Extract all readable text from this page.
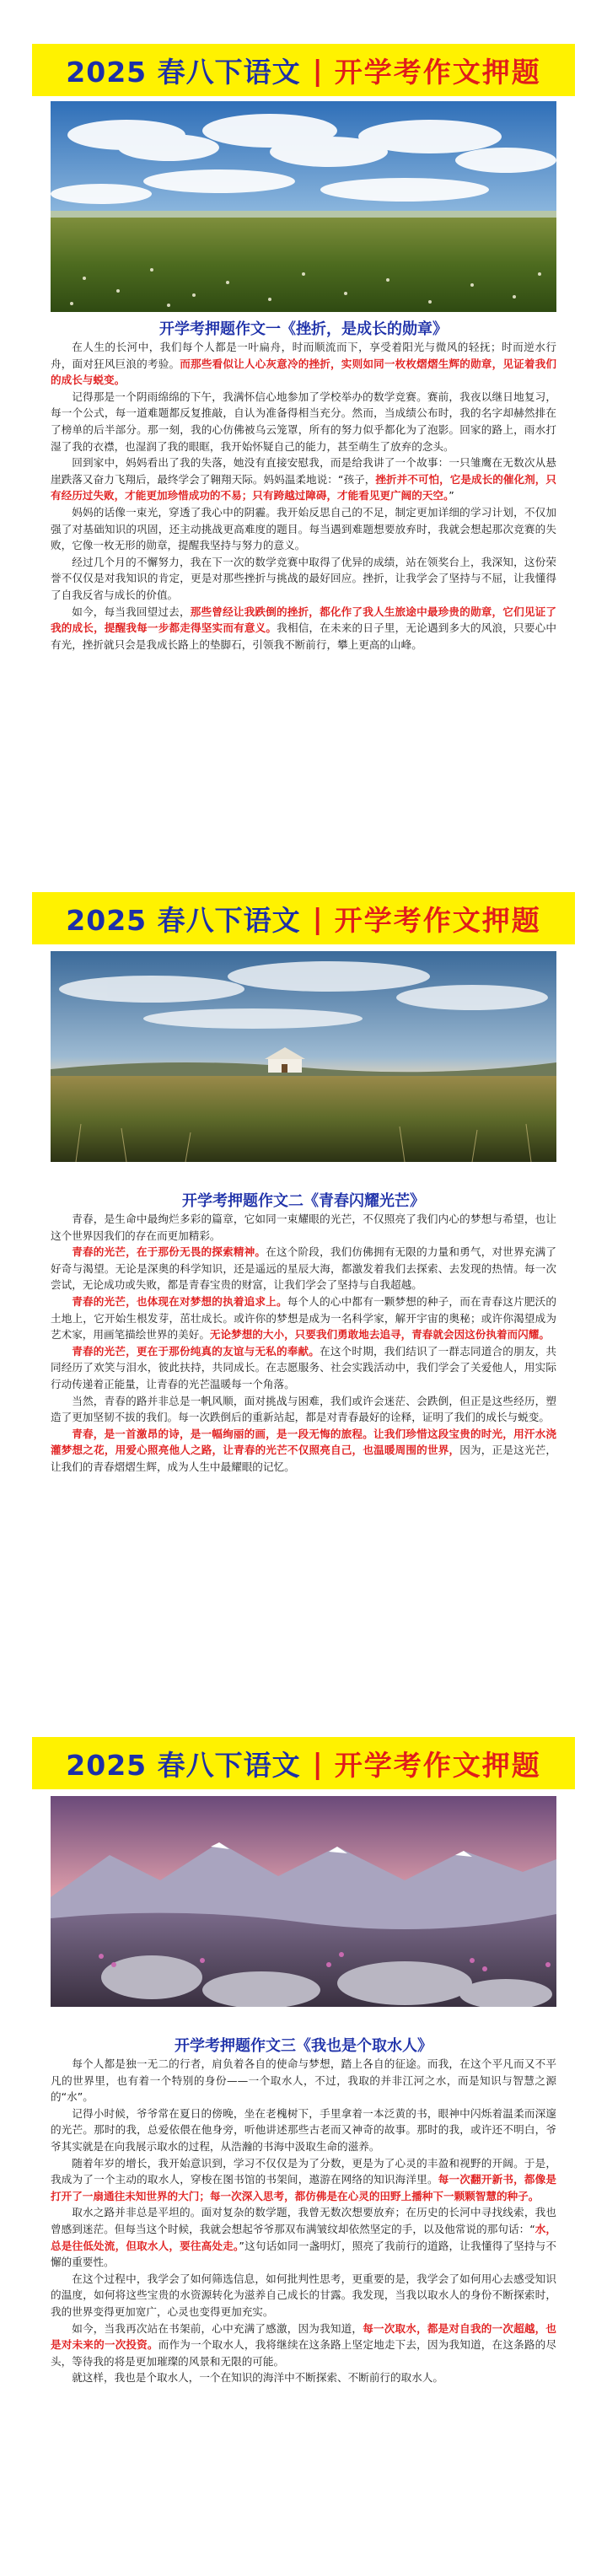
2025 春八下语文 | 开学考作文押题
开学考押题作文一《挫折，是成长的勋章》

在人生的长河中，我们每个人都是一叶扁舟，时而顺流而下，享受着阳光与微风的轻抚；时而逆水行舟，面对狂风巨浪的考验。而那些看似让人心灰意冷的挫折，实则如同一枚枚熠熠生辉的勋章，见证着我们的成长与蜕变。

记得那是一个阴雨绵绵的下午，我满怀信心地参加了学校举办的数学竞赛。赛前，我夜以继日地复习，每一个公式，每一道难题都反复推敲，自认为准备得相当充分。然而，当成绩公布时，我的名字却赫然排在了榜单的后半部分。那一刻，我的心仿佛被乌云笼罩，所有的努力似乎都化为了泡影。回家的路上，雨水打湿了我的衣襟，也湿润了我的眼眶，我开始怀疑自己的能力，甚至萌生了放弃的念头。

回到家中，妈妈看出了我的失落，她没有直接安慰我，而是给我讲了一个故事：一只雏鹰在无数次从悬崖跌落又奋力飞翔后，最终学会了翱翔天际。妈妈温柔地说：“孩子，挫折并不可怕，它是成长的催化剂，只有经历过失败，才能更加珍惜成功的不易；只有跨越过障碍，才能看见更广阔的天空。”

妈妈的话像一束光，穿透了我心中的阴霾。我开始反思自己的不足，制定更加详细的学习计划，不仅加强了对基础知识的巩固，还主动挑战更高难度的题目。每当遇到难题想要放弃时，我就会想起那次竞赛的失败，它像一枚无形的勋章，提醒我坚持与努力的意义。

经过几个月的不懈努力，我在下一次的数学竞赛中取得了优异的成绩，站在领奖台上，我深知，这份荣誉不仅仅是对我知识的肯定，更是对那些挫折与挑战的最好回应。挫折，让我学会了坚持与不屈，让我懂得了自我反省与成长的价值。

如今，每当我回望过去，那些曾经让我跌倒的挫折，都化作了我人生旅途中最珍贵的勋章，它们见证了我的成长，提醒我每一步都走得坚实而有意义。我相信，在未来的日子里，无论遇到多大的风浪，只要心中有光，挫折就只会是我成长路上的垫脚石，引领我不断前行，攀上更高的山峰。

2025 春八下语文 | 开学考作文押题
开学考押题作文二《青春闪耀光芒》

青春，是生命中最绚烂多彩的篇章，它如同一束耀眼的光芒，不仅照亮了我们内心的梦想与希望，也让这个世界因我们的存在而更加精彩。

青春的光芒，在于那份无畏的探索精神。在这个阶段，我们仿佛拥有无限的力量和勇气，对世界充满了好奇与渴望。无论是深奥的科学知识，还是遥远的星辰大海，都激发着我们去探索、去发现的热情。每一次尝试，无论成功或失败，都是青春宝贵的财富，让我们学会了坚持与自我超越。

青春的光芒，也体现在对梦想的执着追求上。每个人的心中都有一颗梦想的种子，而在青春这片肥沃的土地上，它开始生根发芽，茁壮成长。或许你的梦想是成为一名科学家，解开宇宙的奥秘；或许你渴望成为艺术家，用画笔描绘世界的美好。无论梦想的大小，只要我们勇敢地去追寻，青春就会因这份执着而闪耀。

青春的光芒，更在于那份纯真的友谊与无私的奉献。在这个时期，我们结识了一群志同道合的朋友，共同经历了欢笑与泪水，彼此扶持，共同成长。在志愿服务、社会实践活动中，我们学会了关爱他人，用实际行动传递着正能量，让青春的光芒温暖每一个角落。

当然，青春的路并非总是一帆风顺，面对挑战与困难，我们或许会迷茫、会跌倒，但正是这些经历，塑造了更加坚韧不拔的我们。每一次跌倒后的重新站起，都是对青春最好的诠释，证明了我们的成长与蜕变。

青春，是一首激昂的诗，是一幅绚丽的画，是一段无悔的旅程。让我们珍惜这段宝贵的时光，用汗水浇灌梦想之花，用爱心照亮他人之路，让青春的光芒不仅照亮自己，也温暖周围的世界，因为，正是这光芒，让我们的青春熠熠生辉，成为人生中最耀眼的记忆。

2025 春八下语文 | 开学考作文押题
开学考押题作文三《我也是个取水人》

每个人都是独一无二的行者，肩负着各自的使命与梦想，踏上各自的征途。而我，在这个平凡而又不平凡的世界里，也有着一个特别的身份——一个取水人，不过，我取的并非江河之水，而是知识与智慧之源的“水”。

记得小时候，爷爷常在夏日的傍晚，坐在老槐树下，手里拿着一本泛黄的书，眼神中闪烁着温柔而深邃的光芒。那时的我，总爱依偎在他身旁，听他讲述那些古老而又神奇的故事。那时的我，或许还不明白，爷爷其实就是在向我展示取水的过程，从浩瀚的书海中汲取生命的滋养。

随着年岁的增长，我开始意识到，学习不仅仅是为了分数，更是为了心灵的丰盈和视野的开阔。于是，我成为了一个主动的取水人，穿梭在图书馆的书架间，遨游在网络的知识海洋里。每一次翻开新书，都像是打开了一扇通往未知世界的大门；每一次深入思考，都仿佛是在心灵的田野上播种下一颗颗智慧的种子。

取水之路并非总是平坦的。面对复杂的数学题，我曾无数次想要放弃；在历史的长河中寻找线索，我也曾感到迷茫。但每当这个时候，我就会想起爷爷那双布满皱纹却依然坚定的手，以及他常说的那句话：“水，总是往低处流，但取水人，要往高处走。”这句话如同一盏明灯，照亮了我前行的道路，让我懂得了坚持与不懈的重要性。

在这个过程中，我学会了如何筛选信息，如何批判性思考，更重要的是，我学会了如何用心去感受知识的温度，如何将这些宝贵的水资源转化为滋养自己成长的甘露。我发现，当我以取水人的身份不断探索时，我的世界变得更加宽广，心灵也变得更加充实。

如今，当我再次站在书架前，心中充满了感激，因为我知道，每一次取水，都是对自我的一次超越，也是对未来的一次投资。而作为一个取水人，我将继续在这条路上坚定地走下去，因为我知道，在这条路的尽头，等待我的将是更加璀璨的风景和无限的可能。

就这样，我也是个取水人，一个在知识的海洋中不断探索、不断前行的取水人。
